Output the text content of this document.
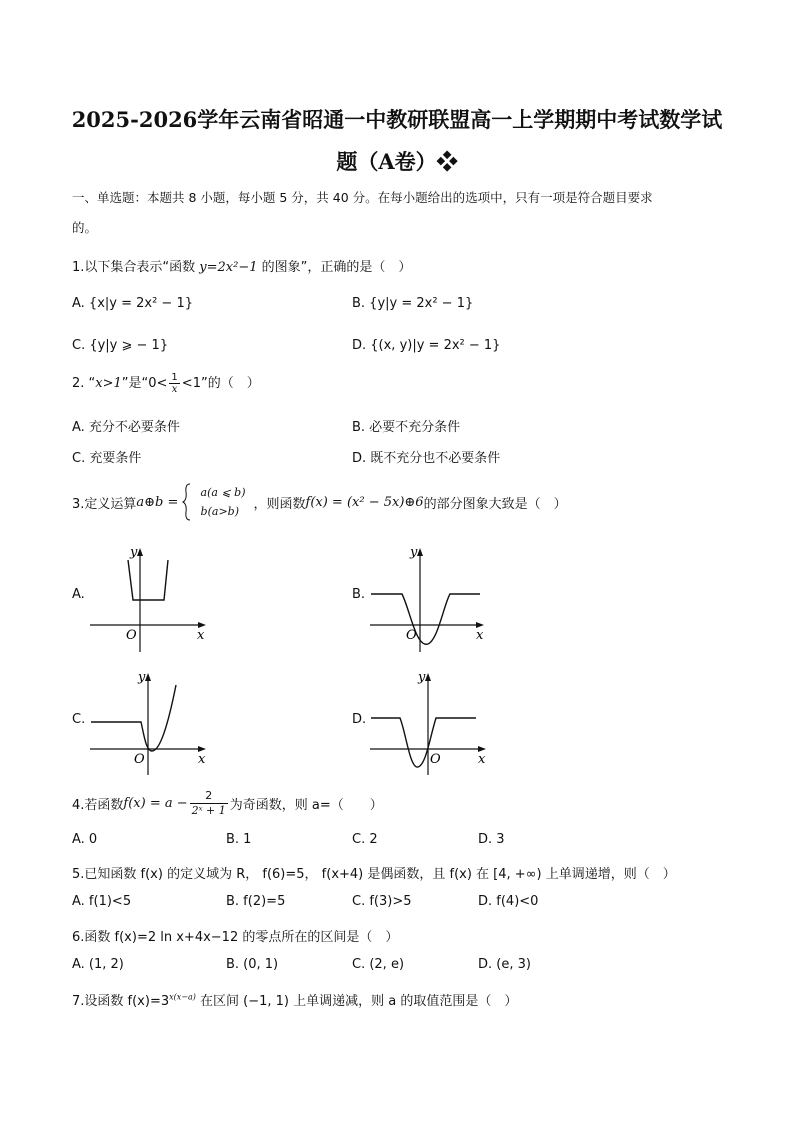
2025-2026学年云南省昭通一中教研联盟高一上学期期中考试数学试
题（A卷）❖
一、单选题：本题共 8 小题，每小题 5 分，共 40 分。在每小题给出的选项中，只有一项是符合题目要求
的。
1.以下集合表示“函数 y=2x²−1 的图象”，正确的是（　）
A. {x|y = 2x² − 1}	B. {y|y = 2x² − 1}
C. {y|y ⩾ − 1}	D. {(x, y)|y = 2x² − 1}
2. “x>1”是“$0< \frac{1}{x} <1$”的（　）
A. 充分不必要条件	B. 必要不充分条件
C. 充要条件	D. 既不充分也不必要条件
3.定义运算 a⊕b =

a(a ⩽ b)
b(a>b)	，则函数 f(x) = (x² − 5x)⊕6 的部分图象大致是（　）
A.	B.
C.	D.
x
y
O	x
y
O
x
y
O	x
y
O
4.若函数 $f(x) = a - \frac{2}{\text{2ˣ + 1}}$ 为奇函数，则 a=（　　）
A. 0	B. 1	C. 2	D. 3
5.已知函数 f(x) 的定义域为 R， f(6)=5， f(x+4) 是偶函数，且 f(x) 在 [4, +∞) 上单调递增，则（　）
A. f(1)<5	B. f(2)=5	C. f(3)>5	D. f(4)<0
6.函数 f(x)=2 ln x+4x−12 的零点所在的区间是（　）
A. (1, 2)	B. (0, 1)	C. (2, e)	D. (e, 3)
7.设函数 $f(x)=3^{x(x-a)}$ 在区间 (−1, 1) 上单调递减，则 a 的取值范围是（　）
